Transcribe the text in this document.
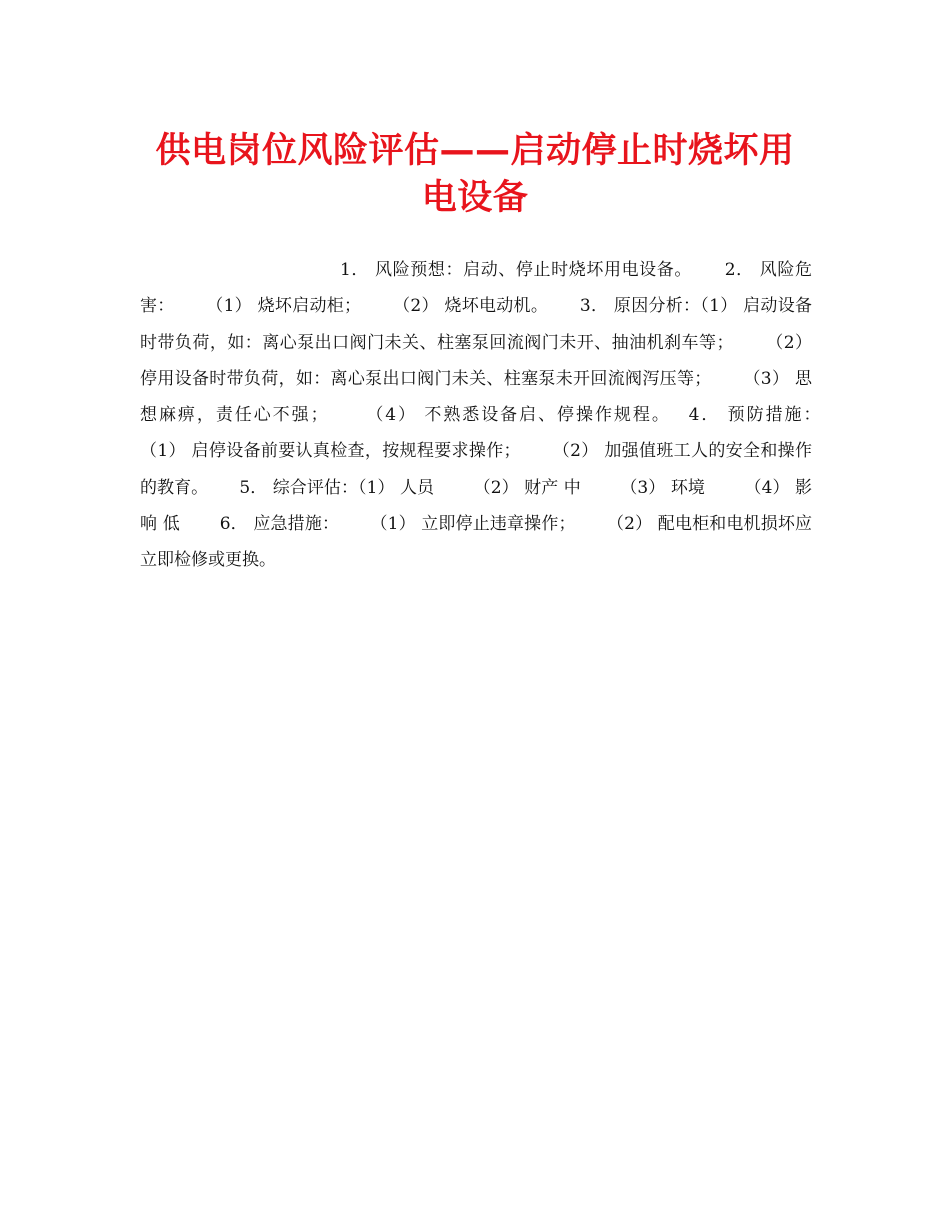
供电岗位风险评估——启动停止时烧坏用电设备

1． 风险预想：启动、停止时烧坏用电设备。　　 2． 风险危害：　　 （1） 烧坏启动柜；　　 （2） 烧坏电动机。　　 3． 原因分析：（1） 启动设备时带负荷，如：离心泵出口阀门未关、柱塞泵回流阀门未开、抽油机刹车等；　　 （2） 停用设备时带负荷，如：离心泵出口阀门未关、柱塞泵未开回流阀泻压等；　　 （3） 思想麻痹，责任心不强；　　 （4） 不熟悉设备启、停操作规程。　 4． 预防措施：　　 （1） 启停设备前要认真检查，按规程要求操作；　　 （2） 加强值班工人的安全和操作的教育。　　 5． 综合评估：（1） 人员　　 （2） 财产 中　　 （3） 环境　　 （4） 影响 低　　 6． 应急措施：　　 （1） 立即停止违章操作；　　 （2） 配电柜和电机损坏应立即检修或更换。
